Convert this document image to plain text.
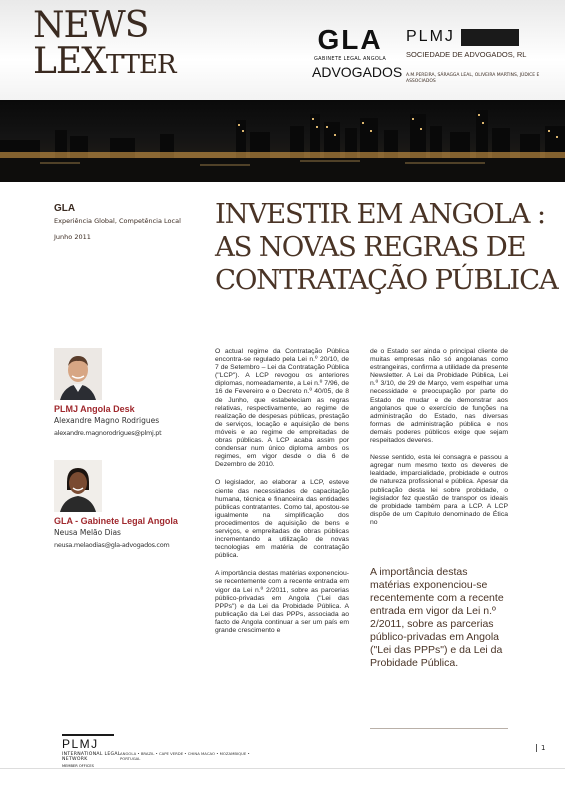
NEWS
LEXTTER
GLA
GABINETE LEGAL ANGOLA
ADVOGADOS
PLMJ
SOCIEDADE DE ADVOGADOS, RL
A.M.PEREIRA, SÁRAGGA LEAL, OLIVEIRA MARTINS, JÚDICE E ASSOCIADOS
GLA
Experiência Global, Competência Local
Junho 2011
INVESTIR EM ANGOLA :
AS NOVAS REGRAS DE
CONTRATAÇÃO PÚBLICA
PLMJ Angola Desk
Alexandre Magno Rodrigues
alexandre.magnorodrigues@plmj.pt
GLA - Gabinete Legal Angola
Neusa Melão Dias
neusa.melaodias@gla-advogados.com

O actual regime da Contratação Pública encontra-se regulado pela Lei n.º 20/10, de 7 de Setembro – Lei da Contratação Pública ("LCP"). A LCP revogou os anteriores diplomas, nomeadamente, a Lei n.º 7/96, de 16 de Fevereiro e o Decreto n.º 40/05, de 8 de Junho, que estabeleciam as regras relativas, respectivamente, ao regime de realização de despesas públicas, prestação de serviços, locação e aquisição de bens móveis e ao regime de empreitadas de obras públicas. A LCP acaba assim por condensar num único diploma ambos os regimes, em vigor desde o dia 6 de Dezembro de 2010.

O legislador, ao elaborar a LCP, esteve ciente das necessidades de capacitação humana, técnica e financeira das entidades públicas contratantes. Como tal, apostou-se igualmente na simplificação dos procedimentos de aquisição de bens e serviços, e empreitadas de obras públicas incrementando a utilização de novas tecnologias em matéria de contratação pública.

A importância destas matérias exponenciou-se recentemente com a recente entrada em vigor da Lei n.º 2/2011, sobre as parcerias público-privadas em Angola ("Lei das PPPs") e da Lei da Probidade Pública. A publicação da Lei das PPPs, associada ao facto de Angola continuar a ser um país em grande crescimento e

de o Estado ser ainda o principal cliente de muitas empresas não só angolanas como estrangeiras, confirma a utilidade da presente Newsletter. A Lei da Probidade Pública, Lei n.º 3/10, de 29 de Março, vem espelhar uma necessidade e preocupação por parte do Estado de mudar e de demonstrar aos angolanos que o exercício de funções na administração do Estado, nas diversas formas de administração pública e nos demais poderes públicos exige que sejam respeitados deveres.

Nesse sentido, esta lei consagra e passou a agregar num mesmo texto os deveres de lealdade, imparcialidade, probidade e outros de natureza profissional e pública. Apesar da publicação desta lei sobre probidade, o legislador fez questão de transpor os ideais de probidade também para a LCP. A LCP dispõe de um Capítulo denominado de Ética no

A importância destas matérias exponenciou-se recentemente com a recente entrada em vigor da Lei n.º 2/2011, sobre as parcerias público-privadas em Angola ("Lei das PPPs") e da Lei da Probidade Pública.
PLMJ
INTERNATIONAL LEGAL NETWORK
MEMBER OFFICES
ANGOLA • BRAZIL • CAPE VERDE • CHINA MACAO • MOZAMBIQUE • PORTUGAL
1
